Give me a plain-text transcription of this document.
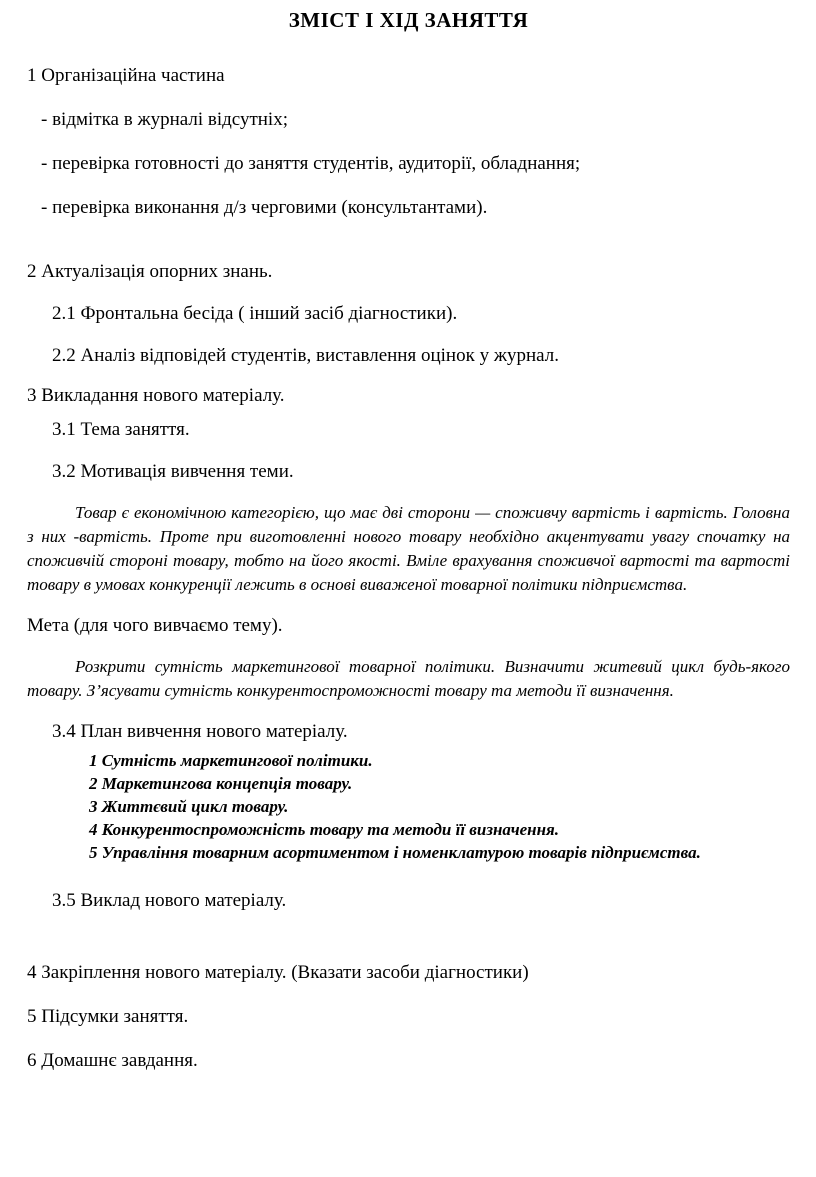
ЗМІСТ І ХІД ЗАНЯТТЯ

1 Організаційна частина

- відмітка в журналі відсутніх;

- перевірка готовності до заняття студентів, аудиторії, обладнання;

- перевірка виконання д/з черговими (консультантами).

2 Актуалізація опорних знань.

2.1 Фронтальна бесіда ( інший засіб діагностики).

2.2 Аналіз відповідей студентів, виставлення оцінок у журнал.

3 Викладання нового матеріалу.

3.1 Тема заняття.

3.2 Мотивація вивчення теми.

Товар є економічною категорією, що має дві сторони — споживчу вартість і вартість. Головна з них -вартість. Проте при виготовленні нового товару необхідно акцентувати увагу спочатку на споживчій стороні товару, тобто на його якості. Вміле врахування споживчої вартості та вартості товару в умовах конкуренції лежить в основі виваженої товарної політики підприємства.

Мета (для чого вивчаємо тему).

Розкрити сутність маркетингової товарної політики. Визначити житевий цикл будь-якого товару. З’ясувати сутність конкурентоспроможності товару та методи її визначення.

3.4 План вивчення нового матеріалу.

1 Сутність маркетингової політики.

2 Маркетингова концепція товару.

3 Життєвий цикл товару.

4 Конкурентоспроможність товару та методи її визначення.

5 Управління товарним асортиментом і номенклатурою товарів підприємства.

3.5 Виклад нового матеріалу.

4 Закріплення нового матеріалу. (Вказати засоби діагностики)

5 Підсумки заняття.

6 Домашнє завдання.
